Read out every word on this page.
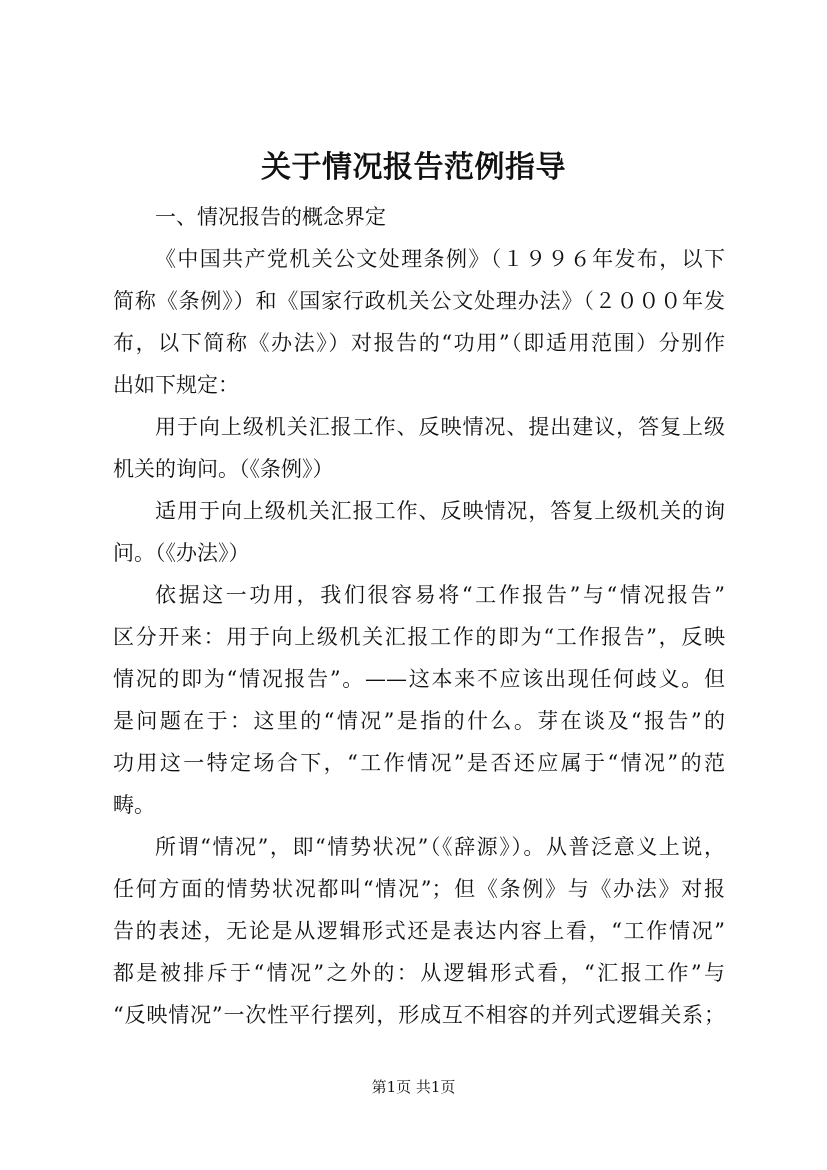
关于情况报告范例指导
一、情况报告的概念界定
《中国共产党机关公文处理条例》（１９９６年发布，以下
简称《条例》）和《国家行政机关公文处理办法》（２０００年发
布，以下简称《办法》）对报告的“功用”（即适用范围）分别作
出如下规定：
用于向上级机关汇报工作、反映情况、提出建议，答复上级
机关的询问。（《条例》）
适用于向上级机关汇报工作、反映情况，答复上级机关的询
问。（《办法》）
依据这一功用，我们很容易将“工作报告”与“情况报告”
区分开来：用于向上级机关汇报工作的即为“工作报告”，反映
情况的即为“情况报告”。——这本来不应该出现任何歧义。但
是问题在于：这里的“情况”是指的什么。芽在谈及“报告”的
功用这一特定场合下，“工作情况”是否还应属于“情况”的范
畴。
所谓“情况”，即“情势状况”（《辞源》）。从普泛意义上说，
任何方面的情势状况都叫“情况”；但《条例》与《办法》对报
告的表述，无论是从逻辑形式还是表达内容上看，“工作情况”
都是被排斥于“情况”之外的：从逻辑形式看，“汇报工作”与
“反映情况”一次性平行摆列，形成互不相容的并列式逻辑关系；
第1页 共1页
